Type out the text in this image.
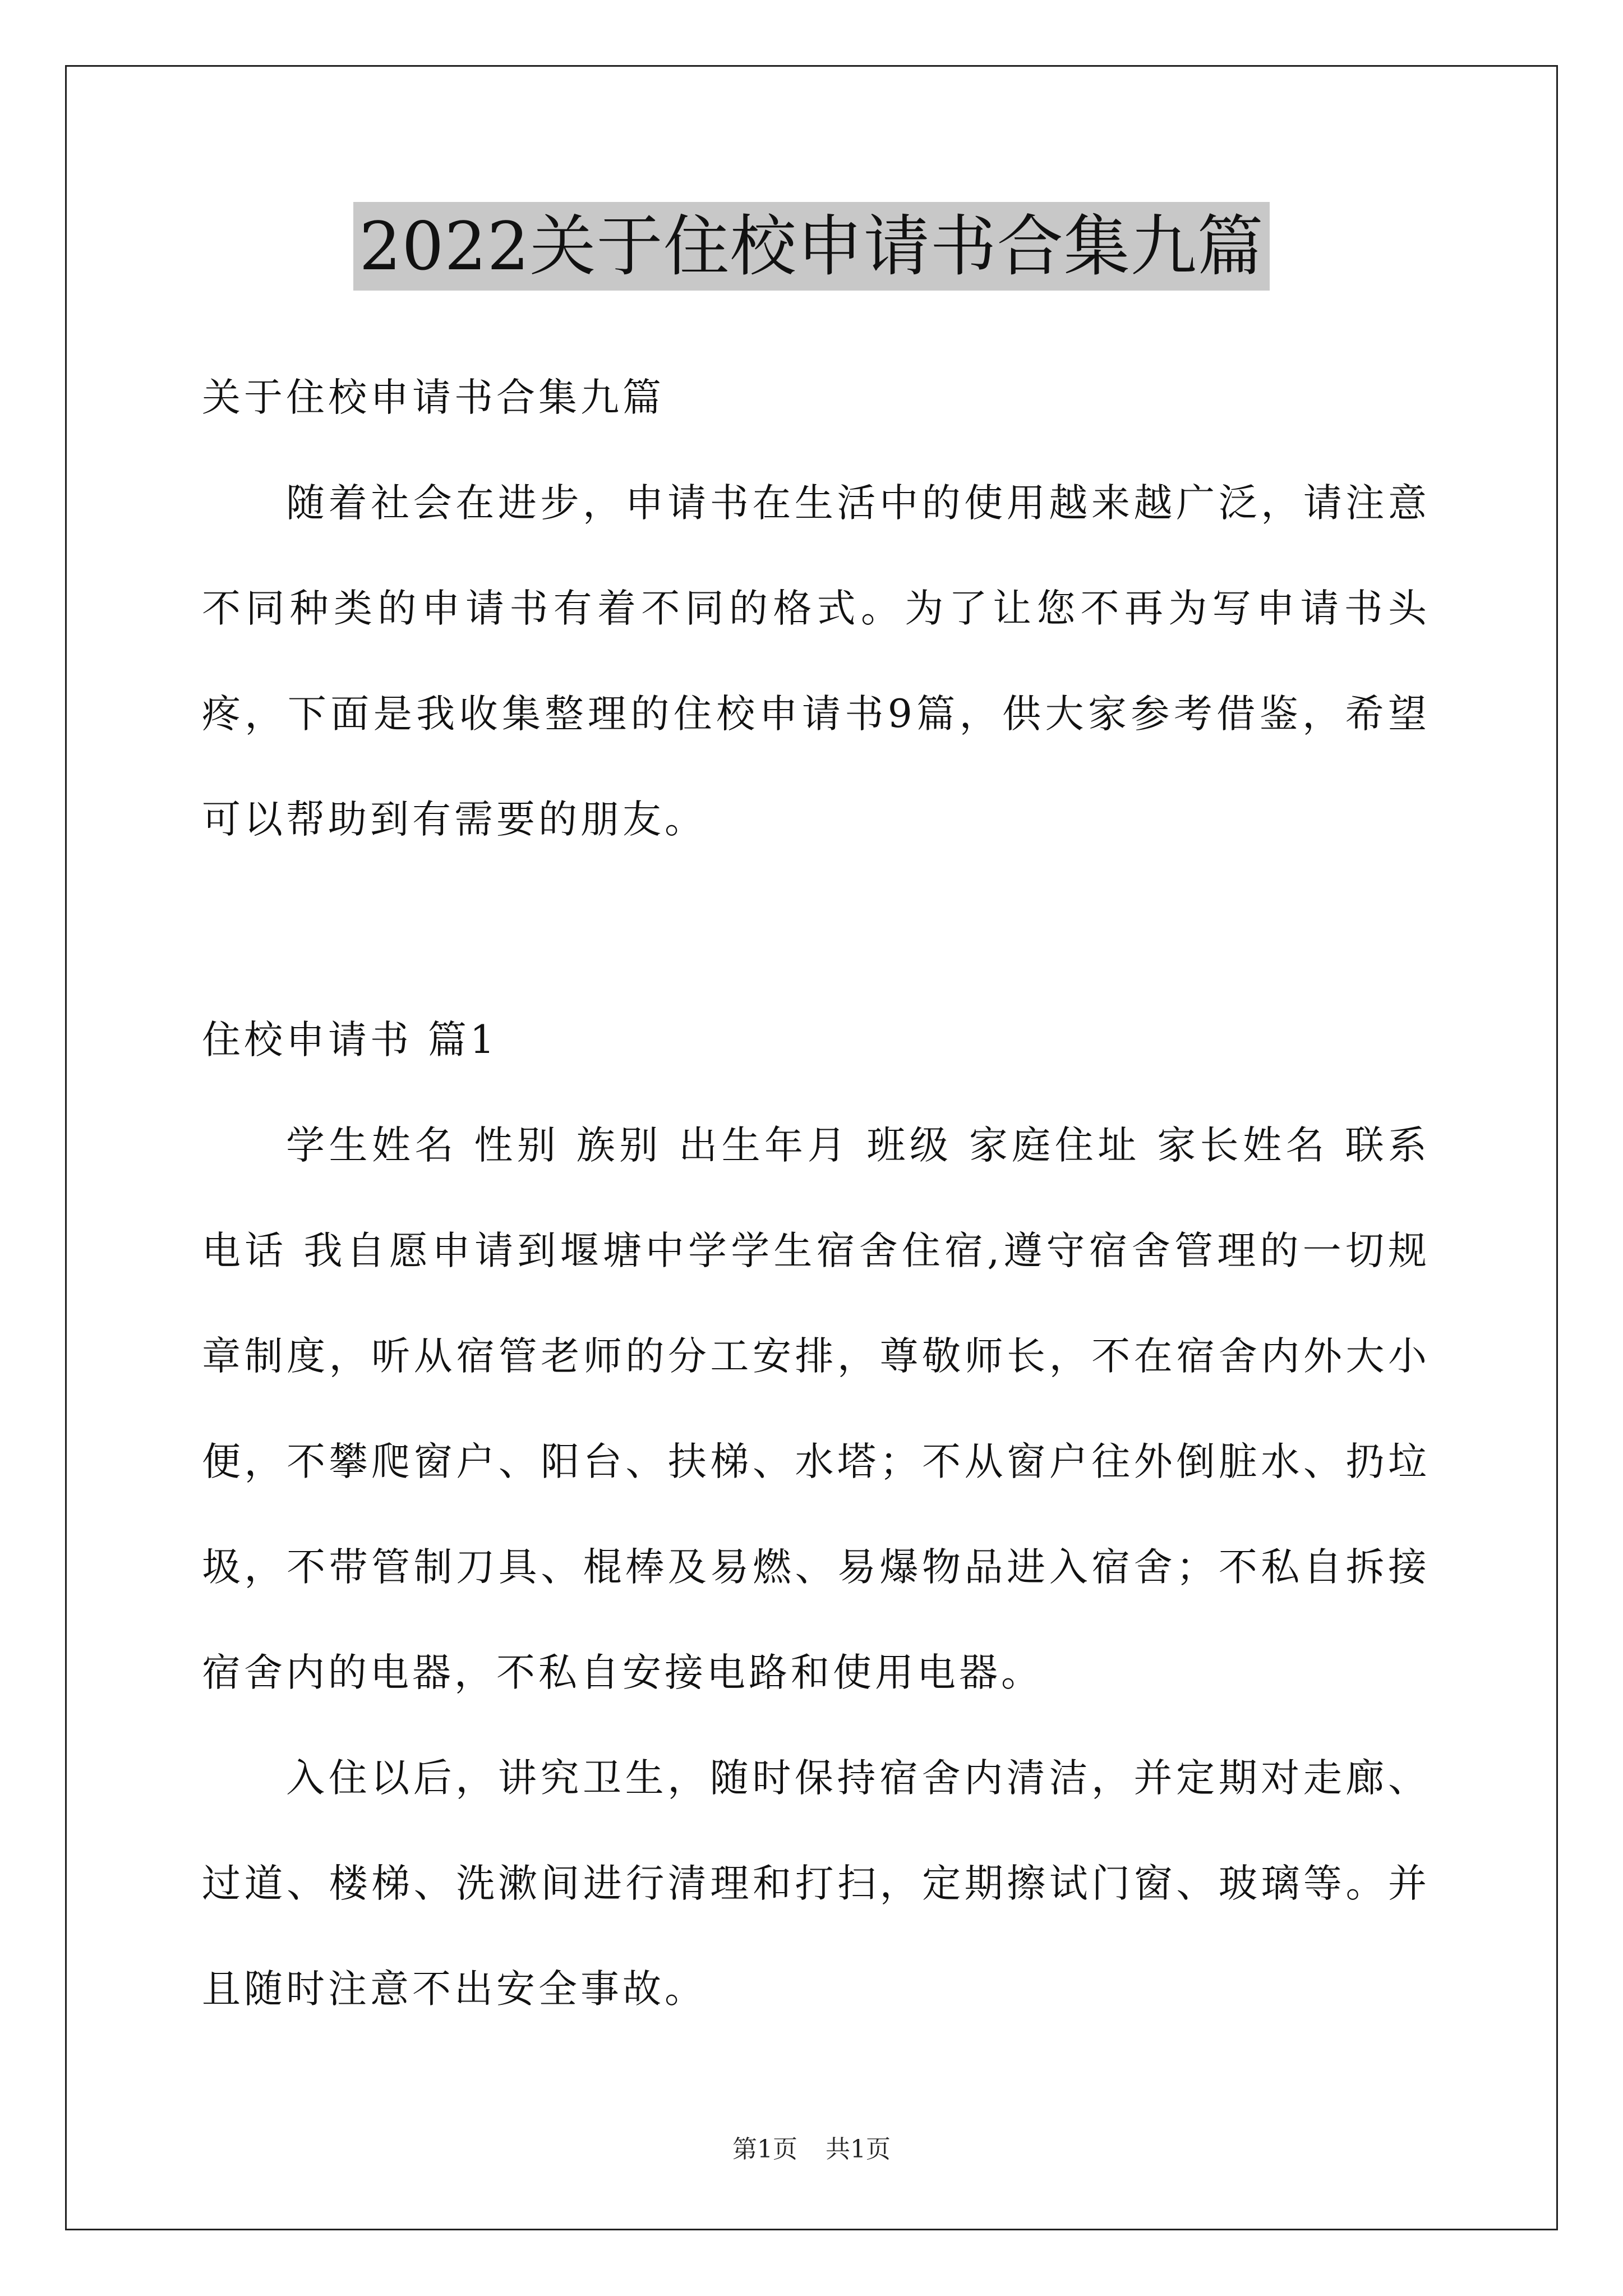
2022关于住校申请书合集九篇

关于住校申请书合集九篇

随着社会在进步，申请书在生活中的使用越来越广泛，请注意不同种类的申请书有着不同的格式。为了让您不再为写申请书头疼，下面是我收集整理的住校申请书9篇，供大家参考借鉴，希望可以帮助到有需要的朋友。

住校申请书 篇1

学生姓名 性别 族别 出生年月 班级 家庭住址 家长姓名 联系电话 我自愿申请到堰塘中学学生宿舍住宿,遵守宿舍管理的一切规章制度，听从宿管老师的分工安排，尊敬师长，不在宿舍内外大小便，不攀爬窗户、阳台、扶梯、水塔；不从窗户往外倒脏水、扔垃圾，不带管制刀具、棍棒及易燃、易爆物品进入宿舍；不私自拆接宿舍内的电器，不私自安接电路和使用电器。

入住以后，讲究卫生，随时保持宿舍内清洁，并定期对走廊、过道、楼梯、洗漱间进行清理和打扫，定期擦试门窗、玻璃等。并且随时注意不出安全事故。

第1页 共1页
